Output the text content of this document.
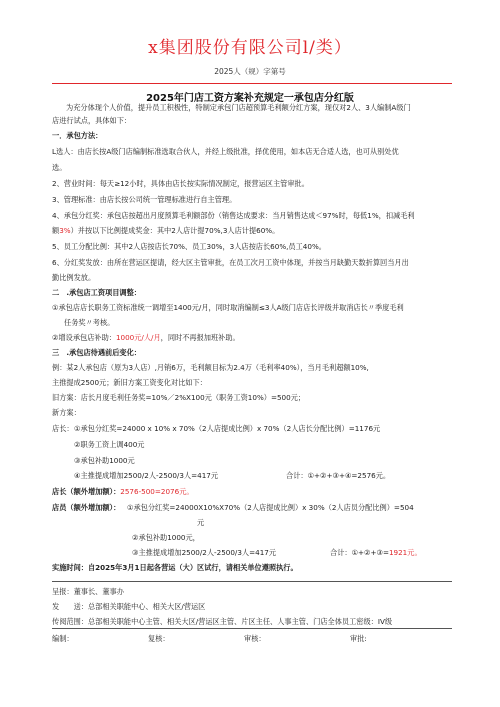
x集团股份有限公司l/类）
2025人（规）字第号
2025年门店工资方案补充规定一承包店分红版
为充分体现个人价值，提升员工积极性，特制定承包门店超预算毛利额分红方案，现仅对2人、3人编制A级门
店进行试点，具体如下：
一．承包方法：
L选人：由店长按A级门店编制标准选取合伙人，并经上级批准，择优使用，如本店无合适人选，也可从别处优
选。
2、营业时间：每天≥12小时，具体由店长按实际情况制定，报营运区主管审批。
3、管理标准：由店长按公司统一管理标准进行自主管理。
4、承包分红奖：承包店按超出月度预算毛利额部份（销售达成要求：当月销售达成＜97%时，每低1%，扣减毛利
额3%）并按以下比例提成奖金：其中2人店计提70%,3人店计提60%。
5、员工分配比例：其中2人店按店长70%、员工30%，3人店按店长60%,员工40%。
6、分红奖发放：由所在营运区提请，经大区主管审批，在员工次月工资中体现，并按当月缺勤天数折算回当月出
勤比例发放。
二　.承包店工资项目调整：
①承包店店长职务工资标准统一调增至1400元/月，同时取消编制≤3人A级门店店长评级并取消店长〃季度毛利
任务奖〃考核。
②增设承包店补助：1000元/人/月，同时不再报加班补助。
三　.承包店待遇前后变化：
例：某2人承包店（原为3人店）,月销6万，毛利额目标为2.4万（毛利率40%），当月毛利超额10%,
主推提成2500元；新旧方案工资变化对比如下：
旧方案：店长月度毛利任务奖=10%／2%X100元（职务工资10%）=500元；
新方案：
店长： ①承包分红奖=24000 x 10% x 70%（2人店提成比例）x 70%（2人店长分配比例）=1176元
②职务工资上调400元
③承包补助1000元
④主推提成增加2500/2人-2500/3人=417元	合计：①+②+③+④=2576元。
店长（额外增加额）：2576-500=2076元。
店员（额外增加额）： ①承包分红奖=24000X10%X70%（2人店提成比例）x 30%（2人店员分配比例）=504
元
②承包补助1000元，
③主推提成增加2500/2人-2500/3人=417元	合计：①+②+③=1921元。
实施时间：自2025年3月1日起各营运（大）区试行，请相关单位遵照执行。
呈报：董事长、董事办
发　　送：总部相关职能中心、相关大区/营运区
传阅范围：总部相关职能中心主管、相关大区/营运区主管、片区主任、人事主管、门店全体员工密级：IV级
编制：	复核：	审核：	审批:
